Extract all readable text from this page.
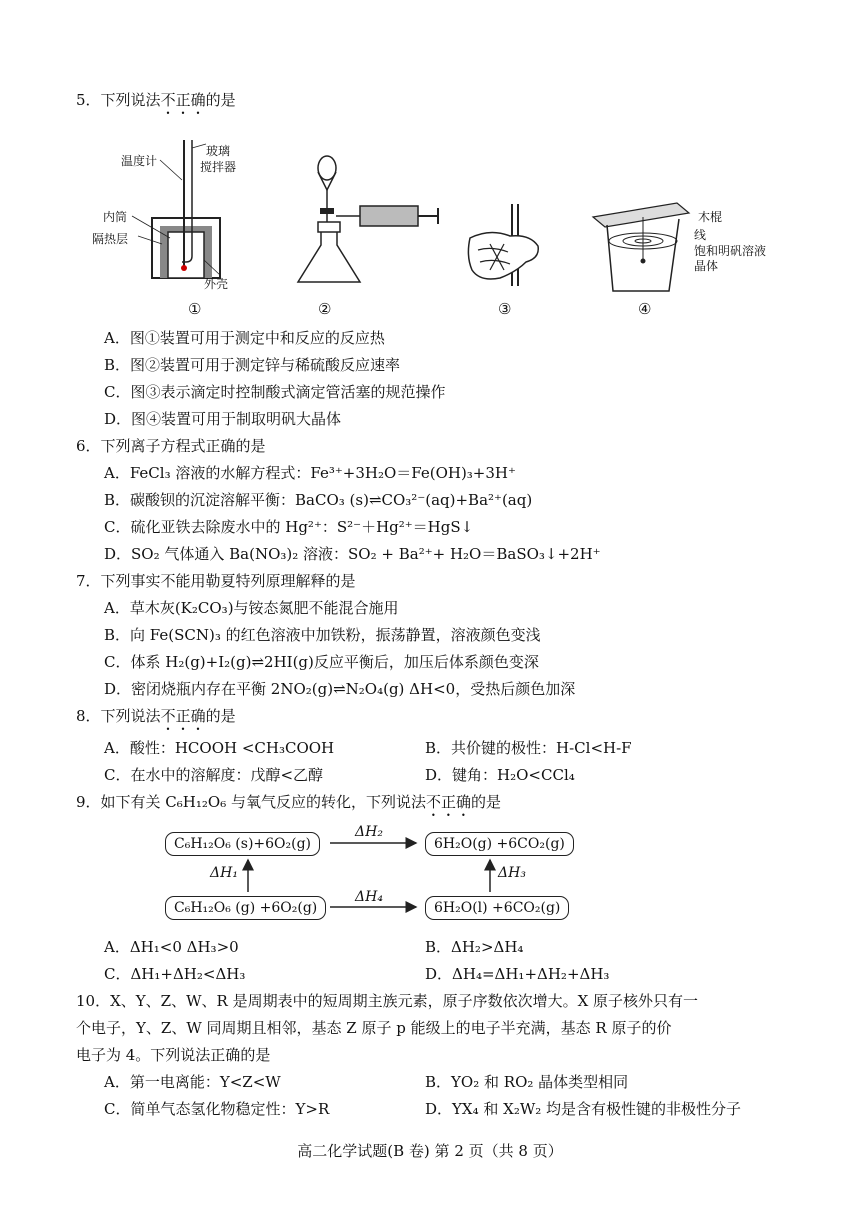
5．下列说法不正确的是
温度计
玻璃
搅拌器
内筒
隔热层
外壳
木棍
线
饱和明矾溶液
晶体
①	②	③	④
A．图①装置可用于测定中和反应的反应热
B．图②装置可用于测定锌与稀硫酸反应速率
C．图③表示滴定时控制酸式滴定管活塞的规范操作
D．图④装置可用于制取明矾大晶体
6．下列离子方程式正确的是
A．FeCl₃ 溶液的水解方程式：Fe³⁺+3H₂O＝Fe(OH)₃+3H⁺
B．碳酸钡的沉淀溶解平衡：BaCO₃ (s)⇌CO₃²⁻(aq)+Ba²⁺(aq)
C．硫化亚铁去除废水中的 Hg²⁺：S²⁻＋Hg²⁺＝HgS↓
D．SO₂ 气体通入 Ba(NO₃)₂ 溶液：SO₂ + Ba²⁺+ H₂O＝BaSO₃↓+2H⁺
7．下列事实不能用勒夏特列原理解释的是
A．草木灰(K₂CO₃)与铵态氮肥不能混合施用
B．向 Fe(SCN)₃ 的红色溶液中加铁粉，振荡静置，溶液颜色变浅
C．体系 H₂(g)+I₂(g)⇌2HI(g)反应平衡后，加压后体系颜色变深
D．密闭烧瓶内存在平衡 2NO₂(g)⇌N₂O₄(g) ΔH<0，受热后颜色加深
8．下列说法不正确的是
A．酸性：HCOOH <CH₃COOH	B．共价键的极性：H-Cl<H-F
C．在水中的溶解度：戊醇<乙醇	D．键角：H₂O<CCl₄
9．如下有关 C₆H₁₂O₆ 与氧气反应的转化，下列说法不正确的是
C₆H₁₂O₆ (s)+6O₂(g)	6H₂O(g) +6CO₂(g)
C₆H₁₂O₆ (g) +6O₂(g)	6H₂O(l) +6CO₂(g)
ΔH₂
ΔH₄
ΔH₁	ΔH₃
A．ΔH₁<0 ΔH₃>0	B．ΔH₂>ΔH₄
C．ΔH₁+ΔH₂<ΔH₃	D．ΔH₄=ΔH₁+ΔH₂+ΔH₃
10．X、Y、Z、W、R 是周期表中的短周期主族元素，原子序数依次增大。X 原子核外只有一
个电子，Y、Z、W 同周期且相邻，基态 Z 原子 p 能级上的电子半充满，基态 R 原子的价
电子为 4。下列说法正确的是
A．第一电离能：Y<Z<W	B．YO₂ 和 RO₂ 晶体类型相同
C．简单气态氢化物稳定性：Y>R	D．YX₄ 和 X₂W₂ 均是含有极性键的非极性分子
高二化学试题(B 卷) 第 2 页（共 8 页）
